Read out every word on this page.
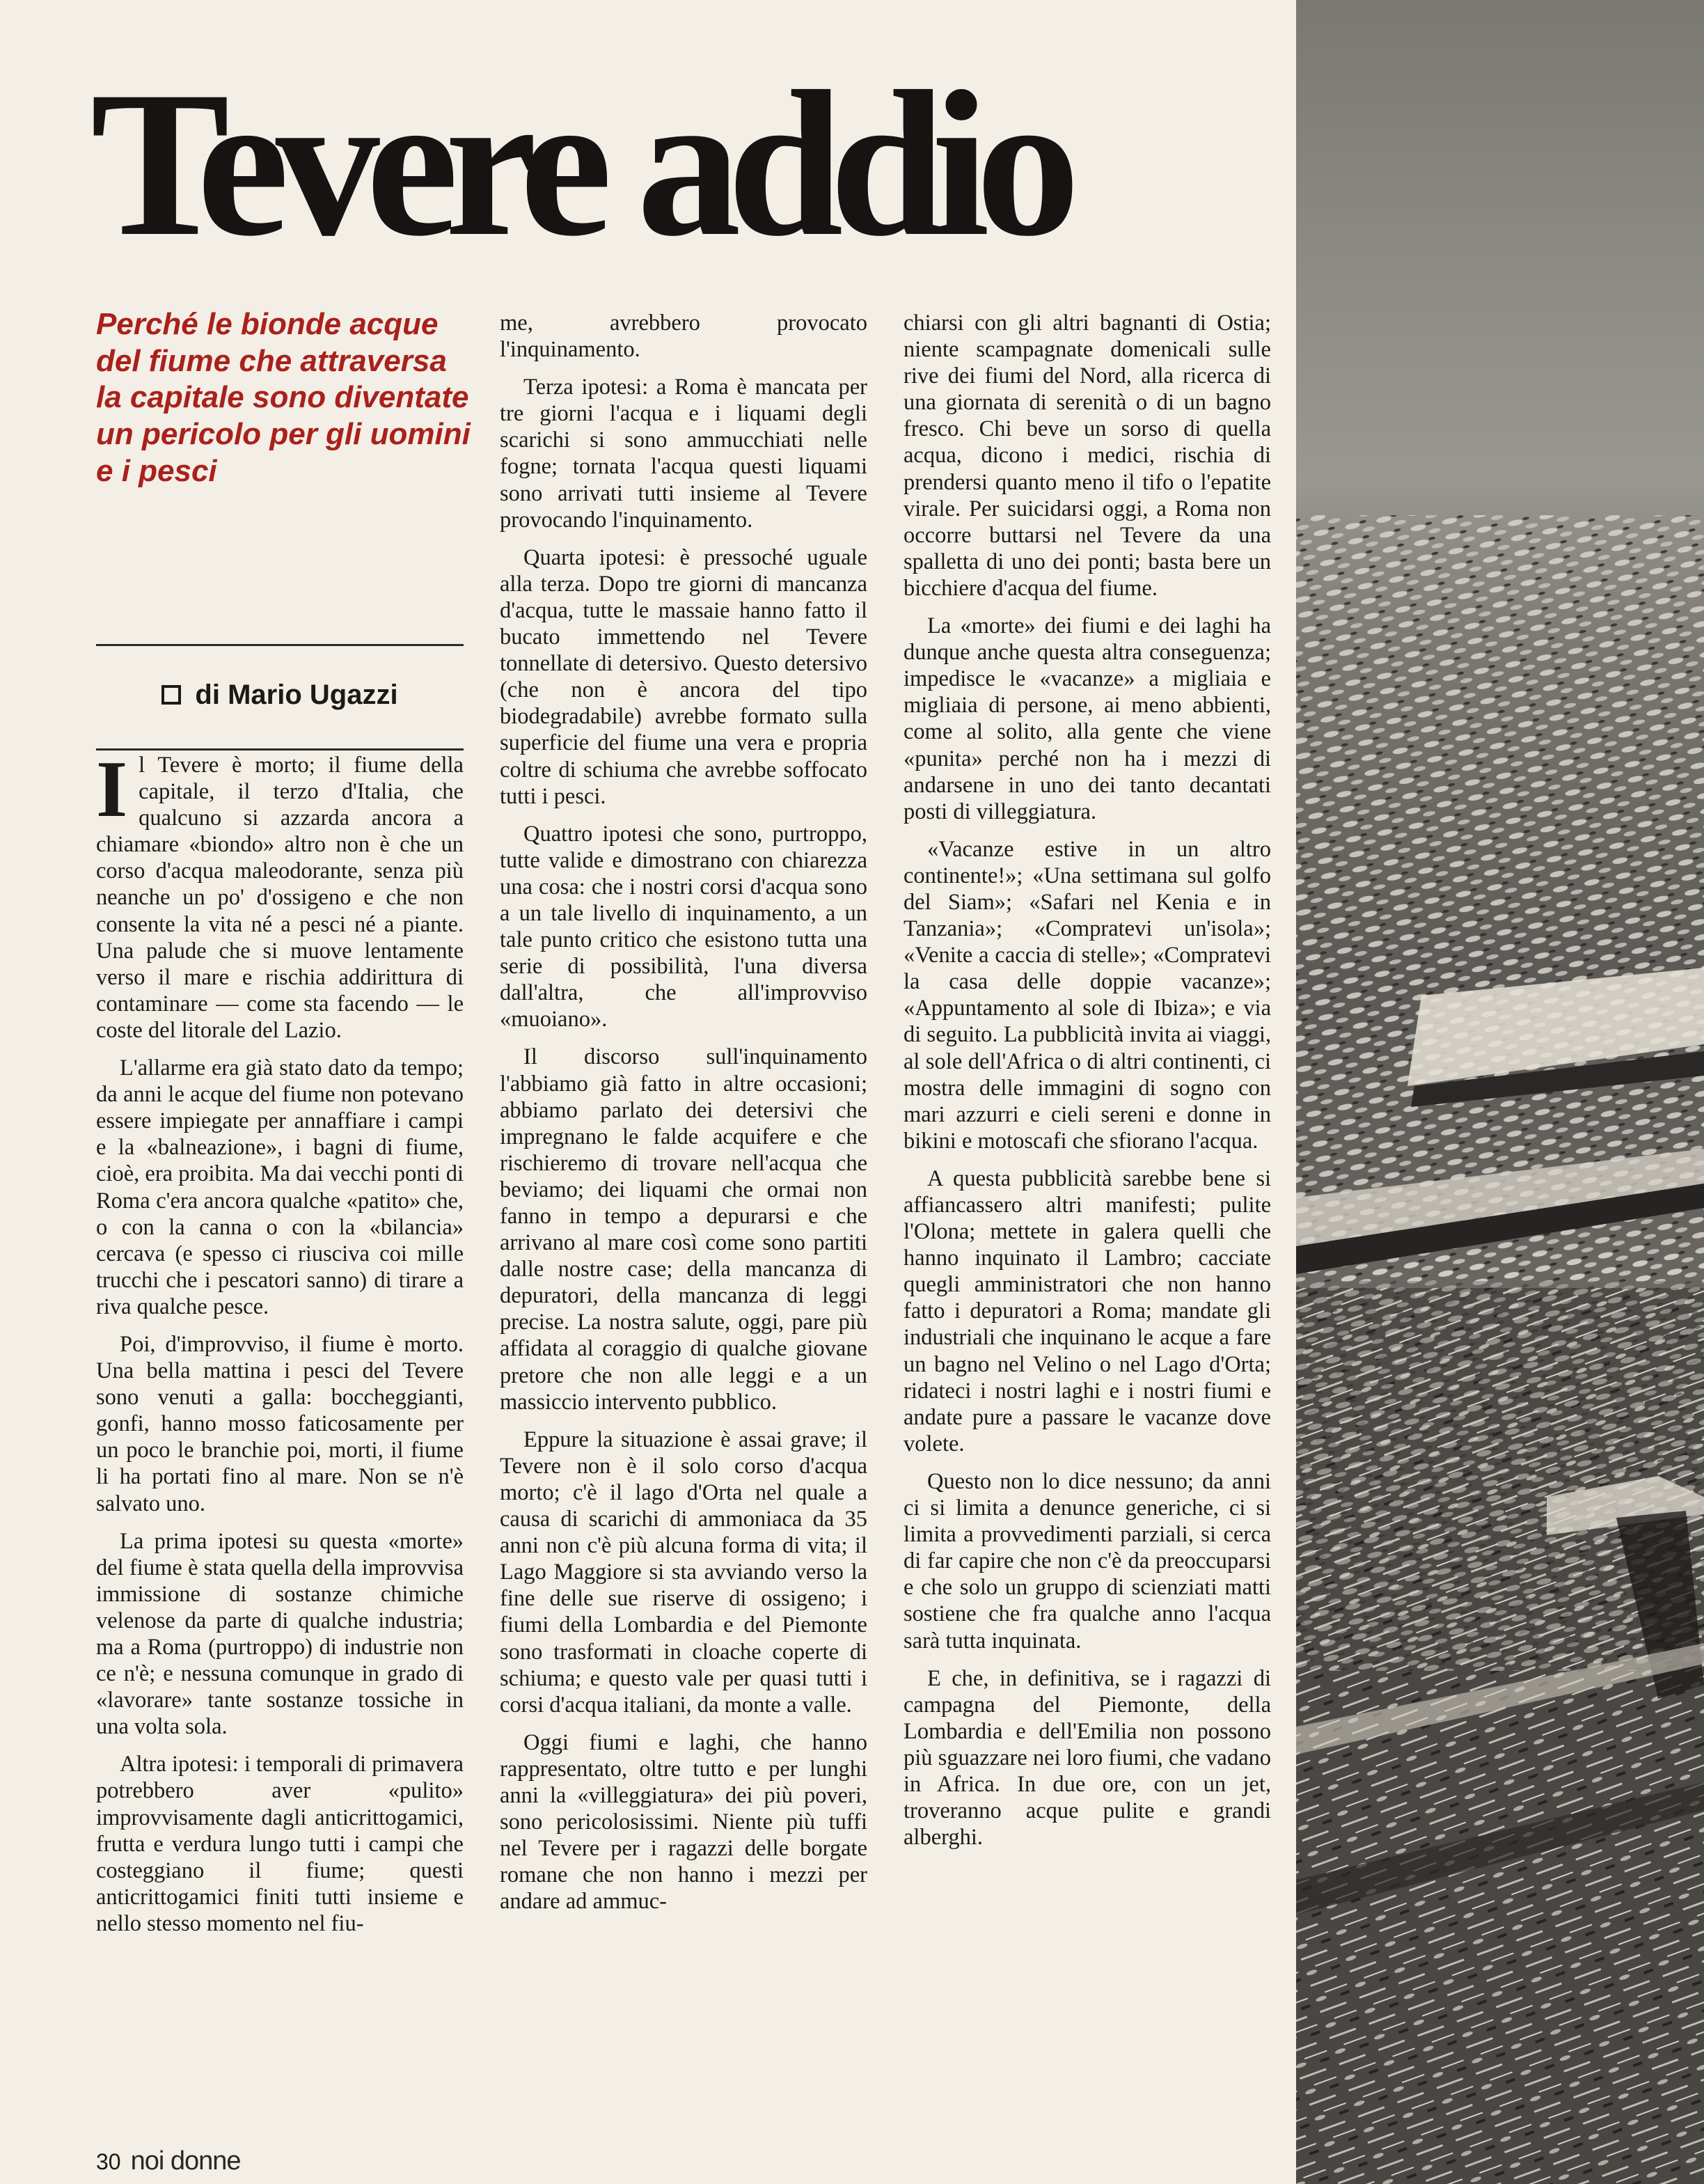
Tevere addio
Perché le bionde acque del fiume che attraversa la capitale sono diventate un pericolo per gli uomini e i pesci
di Mario Ugazzi

Il Tevere è morto; il fiume della capitale, il terzo d'Italia, che qualcuno si azzarda ancora a chiamare «biondo» altro non è che un corso d'acqua maleodorante, senza più neanche un po' d'ossigeno e che non consente la vita né a pesci né a piante. Una palude che si muove lentamente verso il mare e rischia addirittura di contaminare — come sta facendo — le coste del litorale del Lazio.

L'allarme era già stato dato da tempo; da anni le acque del fiume non potevano essere impiegate per annaffiare i campi e la «balneazione», i bagni di fiume, cioè, era proibita. Ma dai vecchi ponti di Roma c'era ancora qualche «patito» che, o con la canna o con la «bilancia» cercava (e spesso ci riusciva coi mille trucchi che i pescatori sanno) di tirare a riva qualche pesce.

Poi, d'improvviso, il fiume è morto. Una bella mattina i pesci del Tevere sono venuti a galla: boccheggianti, gonfi, hanno mosso faticosamente per un poco le branchie poi, morti, il fiume li ha portati fino al mare. Non se n'è salvato uno.

La prima ipotesi su questa «morte» del fiume è stata quella della improvvisa immissione di sostanze chimiche velenose da parte di qualche industria; ma a Roma (purtroppo) di industrie non ce n'è; e nessuna comunque in grado di «lavorare» tante sostanze tossiche in una volta sola.

Altra ipotesi: i temporali di primavera potrebbero aver «pulito» improvvisamente dagli anticrittogamici, frutta e verdura lungo tutti i campi che costeggiano il fiume; questi anticrittogamici finiti tutti insieme e nello stesso momento nel fiu-

me, avrebbero provocato l'inquinamento.

Terza ipotesi: a Roma è mancata per tre giorni l'acqua e i liquami degli scarichi si sono ammucchiati nelle fogne; tornata l'acqua questi liquami sono arrivati tutti insieme al Tevere provocando l'inquinamento.

Quarta ipotesi: è pressoché uguale alla terza. Dopo tre giorni di mancanza d'acqua, tutte le massaie hanno fatto il bucato immettendo nel Tevere tonnellate di detersivo. Questo detersivo (che non è ancora del tipo biodegradabile) avrebbe formato sulla superficie del fiume una vera e propria coltre di schiuma che avrebbe soffocato tutti i pesci.

Quattro ipotesi che sono, purtroppo, tutte valide e dimostrano con chiarezza una cosa: che i nostri corsi d'acqua sono a un tale livello di inquinamento, a un tale punto critico che esistono tutta una serie di possibilità, l'una diversa dall'altra, che all'improvviso «muoiano».

Il discorso sull'inquinamento l'abbiamo già fatto in altre occasioni; abbiamo parlato dei detersivi che impregnano le falde acquifere e che rischieremo di trovare nell'acqua che beviamo; dei liquami che ormai non fanno in tempo a depurarsi e che arrivano al mare così come sono partiti dalle nostre case; della mancanza di depuratori, della mancanza di leggi precise. La nostra salute, oggi, pare più affidata al coraggio di qualche giovane pretore che non alle leggi e a un massiccio intervento pubblico.

Eppure la situazione è assai grave; il Tevere non è il solo corso d'acqua morto; c'è il lago d'Orta nel quale a causa di scarichi di ammoniaca da 35 anni non c'è più alcuna forma di vita; il Lago Maggiore si sta avviando verso la fine delle sue riserve di ossigeno; i fiumi della Lombardia e del Piemonte sono trasformati in cloache coperte di schiuma; e questo vale per quasi tutti i corsi d'acqua italiani, da monte a valle.

Oggi fiumi e laghi, che hanno rappresentato, oltre tutto e per lunghi anni la «villeggiatura» dei più poveri, sono pericolosissimi. Niente più tuffi nel Tevere per i ragazzi delle borgate romane che non hanno i mezzi per andare ad ammuc-

chiarsi con gli altri bagnanti di Ostia; niente scampagnate domenicali sulle rive dei fiumi del Nord, alla ricerca di una giornata di serenità o di un bagno fresco. Chi beve un sorso di quella acqua, dicono i medici, rischia di prendersi quanto meno il tifo o l'epatite virale. Per suicidarsi oggi, a Roma non occorre buttarsi nel Tevere da una spalletta di uno dei ponti; basta bere un bicchiere d'acqua del fiume.

La «morte» dei fiumi e dei laghi ha dunque anche questa altra conseguenza; impedisce le «vacanze» a migliaia e migliaia di persone, ai meno abbienti, come al solito, alla gente che viene «punita» perché non ha i mezzi di andarsene in uno dei tanto decantati posti di villeggiatura.

«Vacanze estive in un altro continente!»; «Una settimana sul golfo del Siam»; «Safari nel Kenia e in Tanzania»; «Compratevi un'isola»; «Venite a caccia di stelle»; «Compratevi la casa delle doppie vacanze»; «Appuntamento al sole di Ibiza»; e via di seguito. La pubblicità invita ai viaggi, al sole dell'Africa o di altri continenti, ci mostra delle immagini di sogno con mari azzurri e cieli sereni e donne in bikini e motoscafi che sfiorano l'acqua.

A questa pubblicità sarebbe bene si affiancassero altri manifesti; pulite l'Olona; mettete in galera quelli che hanno inquinato il Lambro; cacciate quegli amministratori che non hanno fatto i depuratori a Roma; mandate gli industriali che inquinano le acque a fare un bagno nel Velino o nel Lago d'Orta; ridateci i nostri laghi e i nostri fiumi e andate pure a passare le vacanze dove volete.

Questo non lo dice nessuno; da anni ci si limita a denunce generiche, ci si limita a provvedimenti parziali, si cerca di far capire che non c'è da preoccuparsi e che solo un gruppo di scienziati matti sostiene che fra qualche anno l'acqua sarà tutta inquinata.

E che, in definitiva, se i ragazzi di campagna del Piemonte, della Lombardia e dell'Emilia non possono più sguazzare nei loro fiumi, che vadano in Africa. In due ore, con un jet, troveranno acque pulite e grandi alberghi.

30 noi donne
